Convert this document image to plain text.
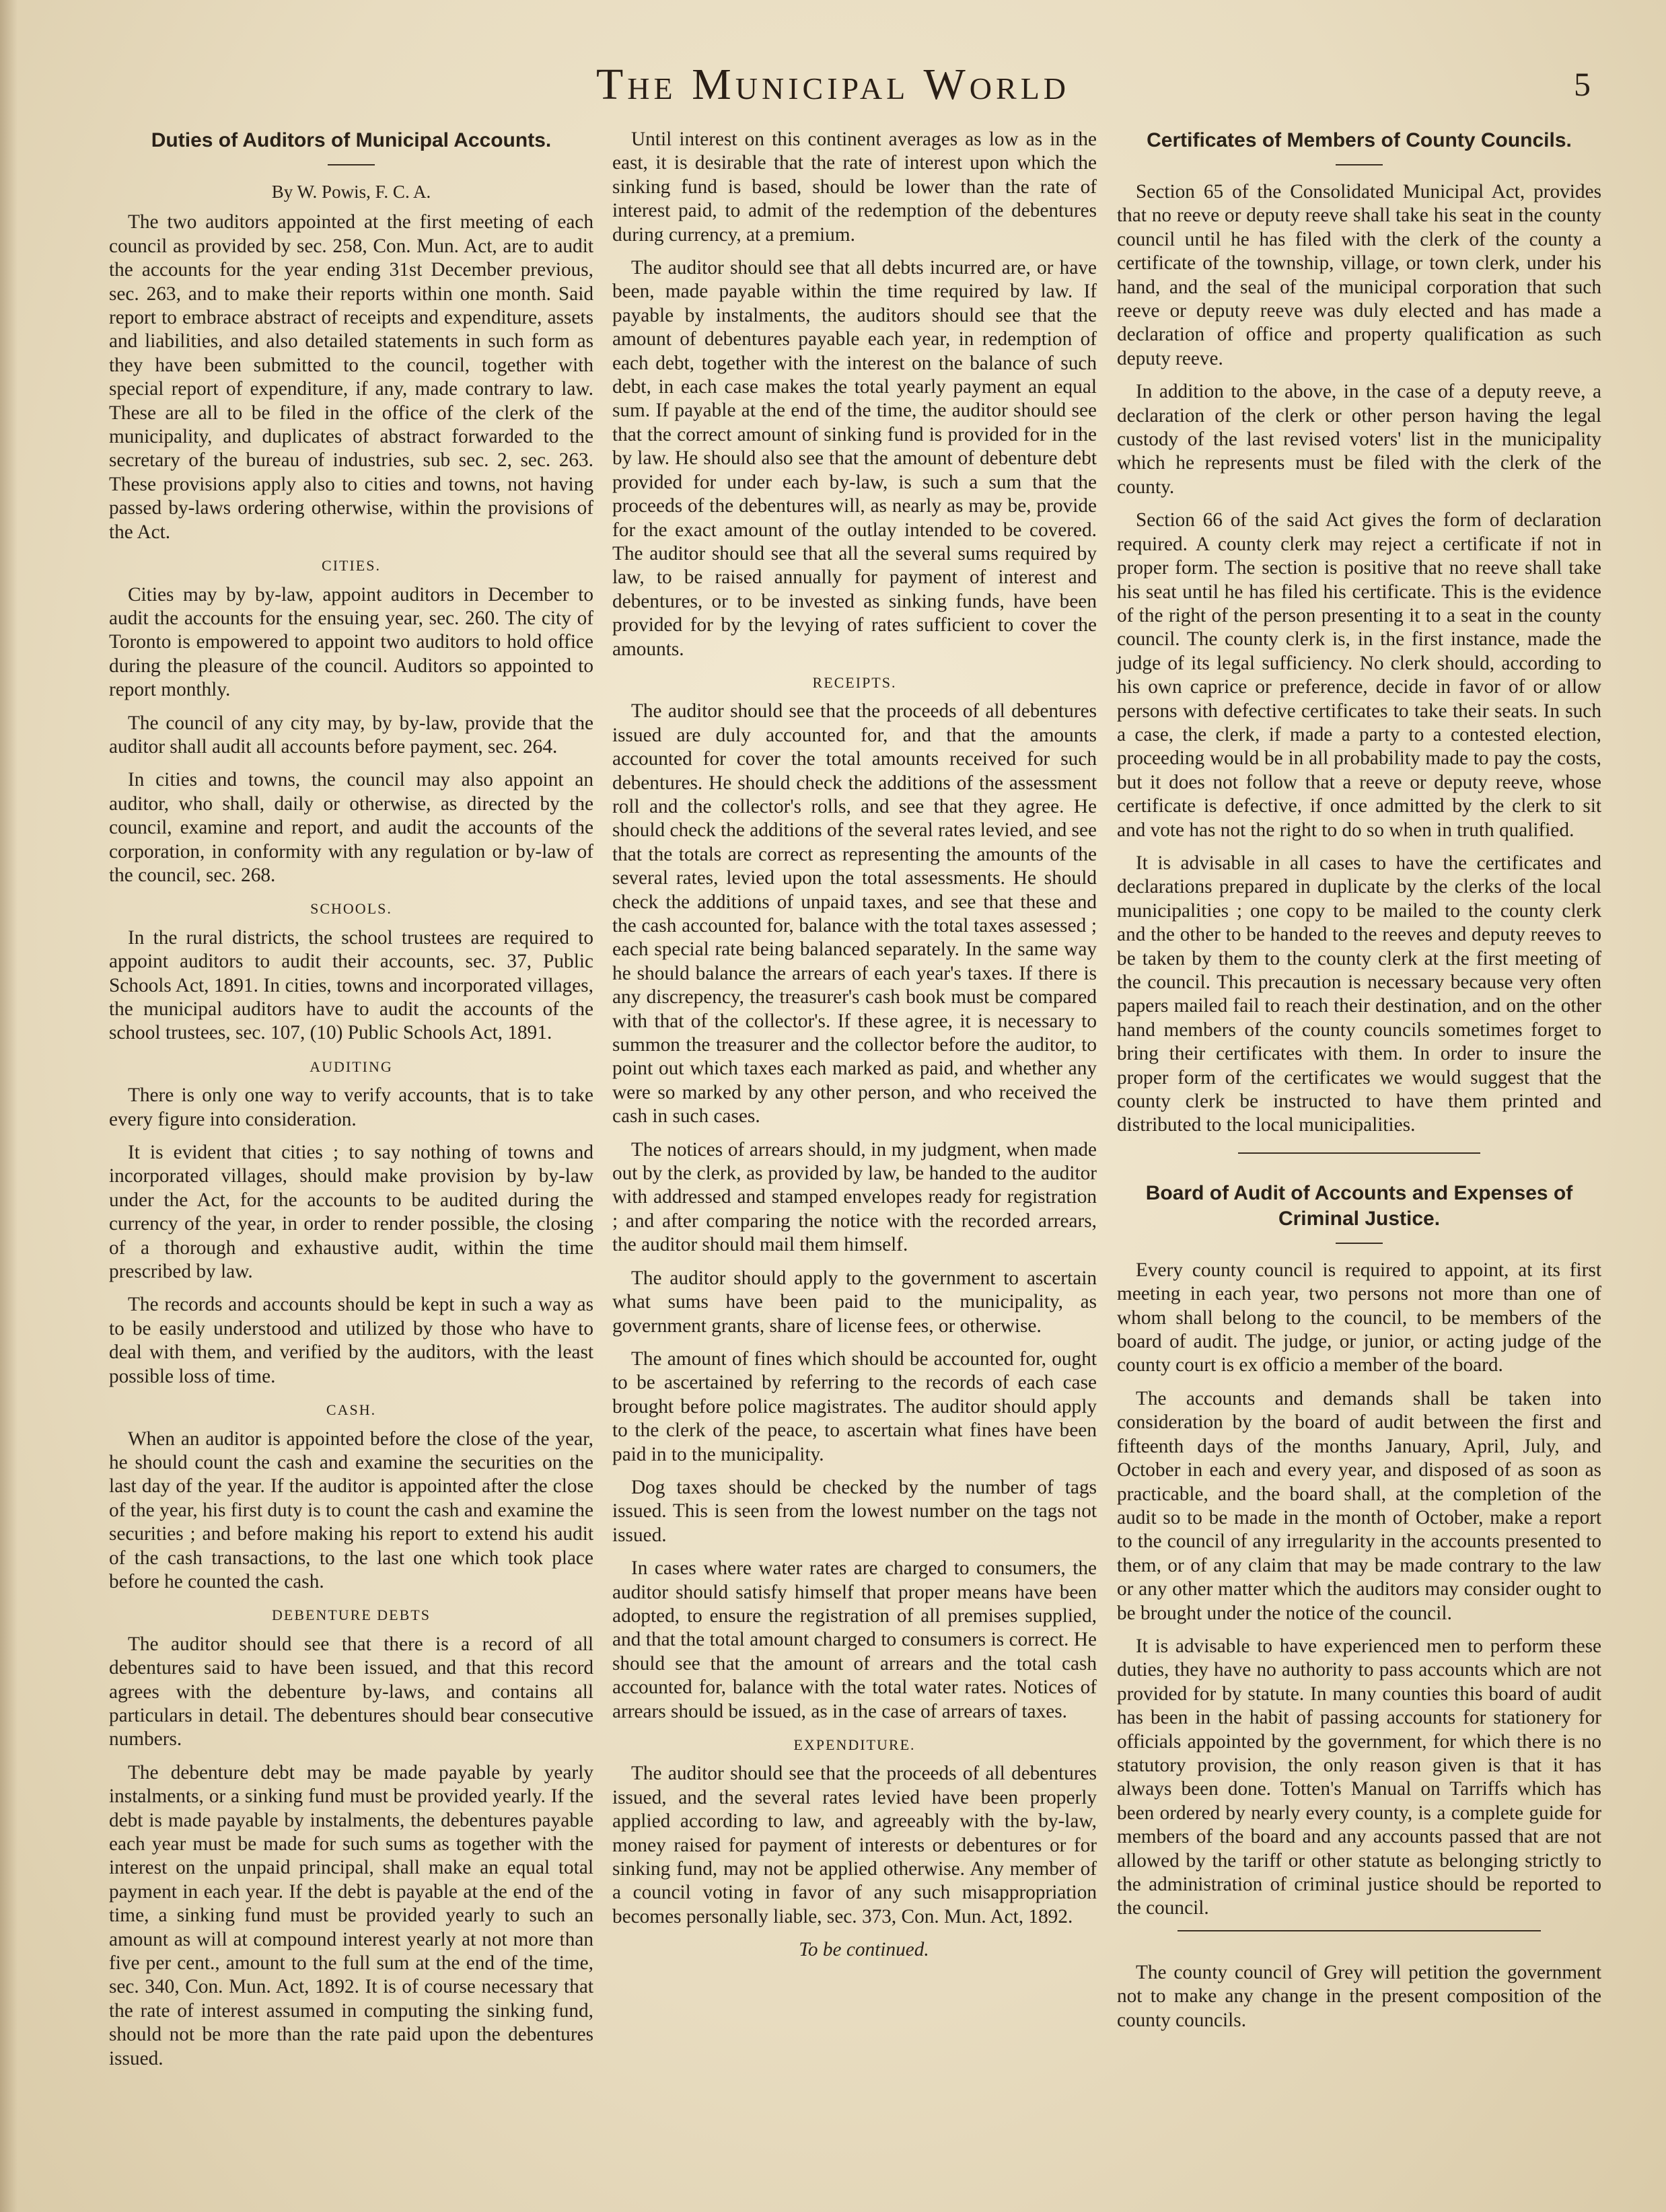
The Municipal World	5
Duties of Auditors of Municipal Accounts.
By W. Powis, F. C. A.

The two auditors appointed at the first meeting of each council as provided by sec. 258, Con. Mun. Act, are to audit the accounts for the year ending 31st December previous, sec. 263, and to make their reports within one month. Said report to embrace abstract of receipts and expenditure, assets and liabilities, and also detailed statements in such form as they have been submitted to the council, together with special report of expenditure, if any, made contrary to law. These are all to be filed in the office of the clerk of the municipality, and duplicates of abstract forwarded to the secretary of the bureau of industries, sub sec. 2, sec. 263. These provisions apply also to cities and towns, not having passed by-laws ordering otherwise, within the provisions of the Act.

CITIES.

Cities may by by-law, appoint auditors in December to audit the accounts for the ensuing year, sec. 260. The city of Toronto is empowered to appoint two auditors to hold office during the pleasure of the council. Auditors so appointed to report monthly.

The council of any city may, by by-law, provide that the auditor shall audit all accounts before payment, sec. 264.

In cities and towns, the council may also appoint an auditor, who shall, daily or otherwise, as directed by the council, examine and report, and audit the accounts of the corporation, in conformity with any regulation or by-law of the council, sec. 268.

SCHOOLS.

In the rural districts, the school trustees are required to appoint auditors to audit their accounts, sec. 37, Public Schools Act, 1891. In cities, towns and incorporated villages, the municipal auditors have to audit the accounts of the school trustees, sec. 107, (10) Public Schools Act, 1891.

AUDITING

There is only one way to verify accounts, that is to take every figure into consideration.

It is evident that cities ; to say nothing of towns and incorporated villages, should make provision by by-law under the Act, for the accounts to be audited during the currency of the year, in order to render possible, the closing of a thorough and exhaustive audit, within the time prescribed by law.

The records and accounts should be kept in such a way as to be easily understood and utilized by those who have to deal with them, and verified by the auditors, with the least possible loss of time.

CASH.

When an auditor is appointed before the close of the year, he should count the cash and examine the securities on the last day of the year. If the auditor is appointed after the close of the year, his first duty is to count the cash and examine the securities ; and before making his report to extend his audit of the cash transactions, to the last one which took place before he counted the cash.

DEBENTURE DEBTS

The auditor should see that there is a record of all debentures said to have been issued, and that this record agrees with the debenture by-laws, and contains all particulars in detail. The debentures should bear consecutive numbers.

The debenture debt may be made payable by yearly instalments, or a sinking fund must be provided yearly. If the debt is made payable by instalments, the debentures payable each year must be made for such sums as together with the interest on the unpaid principal, shall make an equal total payment in each year. If the debt is payable at the end of the time, a sinking fund must be provided yearly to such an amount as will at compound interest yearly at not more than five per cent., amount to the full sum at the end of the time, sec. 340, Con. Mun. Act, 1892. It is of course necessary that the rate of interest assumed in computing the sinking fund, should not be more than the rate paid upon the debentures issued.

Until interest on this continent averages as low as in the east, it is desirable that the rate of interest upon which the sinking fund is based, should be lower than the rate of interest paid, to admit of the redemption of the debentures during currency, at a premium.

The auditor should see that all debts incurred are, or have been, made payable within the time required by law. If payable by instalments, the auditors should see that the amount of debentures payable each year, in redemption of each debt, together with the interest on the balance of such debt, in each case makes the total yearly payment an equal sum. If payable at the end of the time, the auditor should see that the correct amount of sinking fund is provided for in the by law. He should also see that the amount of debenture debt provided for under each by-law, is such a sum that the proceeds of the debentures will, as nearly as may be, provide for the exact amount of the outlay intended to be covered. The auditor should see that all the several sums required by law, to be raised annually for payment of interest and debentures, or to be invested as sinking funds, have been provided for by the levying of rates sufficient to cover the amounts.

RECEIPTS.

The auditor should see that the proceeds of all debentures issued are duly accounted for, and that the amounts accounted for cover the total amounts received for such debentures. He should check the additions of the assessment roll and the collector's rolls, and see that they agree. He should check the additions of the several rates levied, and see that the totals are correct as representing the amounts of the several rates, levied upon the total assessments. He should check the additions of unpaid taxes, and see that these and the cash accounted for, balance with the total taxes assessed ; each special rate being balanced separately. In the same way he should balance the arrears of each year's taxes. If there is any discrepency, the treasurer's cash book must be compared with that of the collector's. If these agree, it is necessary to summon the treasurer and the collector before the auditor, to point out which taxes each marked as paid, and whether any were so marked by any other person, and who received the cash in such cases.

The notices of arrears should, in my judgment, when made out by the clerk, as provided by law, be handed to the auditor with addressed and stamped envelopes ready for registration ; and after comparing the notice with the recorded arrears, the auditor should mail them himself.

The auditor should apply to the government to ascertain what sums have been paid to the municipality, as government grants, share of license fees, or otherwise.

The amount of fines which should be accounted for, ought to be ascertained by referring to the records of each case brought before police magistrates. The auditor should apply to the clerk of the peace, to ascertain what fines have been paid in to the municipality.

Dog taxes should be checked by the number of tags issued. This is seen from the lowest number on the tags not issued.

In cases where water rates are charged to consumers, the auditor should satisfy himself that proper means have been adopted, to ensure the registration of all premises supplied, and that the total amount charged to consumers is correct. He should see that the amount of arrears and the total cash accounted for, balance with the total water rates. Notices of arrears should be issued, as in the case of arrears of taxes.

EXPENDITURE.

The auditor should see that the proceeds of all debentures issued, and the several rates levied have been properly applied according to law, and agreeably with the by-law, money raised for payment of interests or debentures or for sinking fund, may not be applied otherwise. Any member of a council voting in favor of any such misappropriation becomes personally liable, sec. 373, Con. Mun. Act, 1892.

To be continued.

Certificates of Members of County Councils.

Section 65 of the Consolidated Municipal Act, provides that no reeve or deputy reeve shall take his seat in the county council until he has filed with the clerk of the county a certificate of the township, village, or town clerk, under his hand, and the seal of the municipal corporation that such reeve or deputy reeve was duly elected and has made a declaration of office and property qualification as such deputy reeve.

In addition to the above, in the case of a deputy reeve, a declaration of the clerk or other person having the legal custody of the last revised voters' list in the municipality which he represents must be filed with the clerk of the county.

Section 66 of the said Act gives the form of declaration required. A county clerk may reject a certificate if not in proper form. The section is positive that no reeve shall take his seat until he has filed his certificate. This is the evidence of the right of the person presenting it to a seat in the county council. The county clerk is, in the first instance, made the judge of its legal sufficiency. No clerk should, according to his own caprice or preference, decide in favor of or allow persons with defective certificates to take their seats. In such a case, the clerk, if made a party to a contested election, proceeding would be in all probability made to pay the costs, but it does not follow that a reeve or deputy reeve, whose certificate is defective, if once admitted by the clerk to sit and vote has not the right to do so when in truth qualified.

It is advisable in all cases to have the certificates and declarations prepared in duplicate by the clerks of the local municipalities ; one copy to be mailed to the county clerk and the other to be handed to the reeves and deputy reeves to be taken by them to the county clerk at the first meeting of the council. This precaution is necessary because very often papers mailed fail to reach their destination, and on the other hand members of the county councils sometimes forget to bring their certificates with them. In order to insure the proper form of the certificates we would suggest that the county clerk be instructed to have them printed and distributed to the local municipalities.

Board of Audit of Accounts and Expenses of Criminal Justice.

Every county council is required to appoint, at its first meeting in each year, two persons not more than one of whom shall belong to the council, to be members of the board of audit. The judge, or junior, or acting judge of the county court is ex officio a member of the board.

The accounts and demands shall be taken into consideration by the board of audit between the first and fifteenth days of the months January, April, July, and October in each and every year, and disposed of as soon as practicable, and the board shall, at the completion of the audit so to be made in the month of October, make a report to the council of any irregularity in the accounts presented to them, or of any claim that may be made contrary to the law or any other matter which the auditors may consider ought to be brought under the notice of the council.

It is advisable to have experienced men to perform these duties, they have no authority to pass accounts which are not provided for by statute. In many counties this board of audit has been in the habit of passing accounts for stationery for officials appointed by the government, for which there is no statutory provision, the only reason given is that it has always been done. Totten's Manual on Tarriffs which has been ordered by nearly every county, is a complete guide for members of the board and any accounts passed that are not allowed by the tariff or other statute as belonging strictly to the administration of criminal justice should be reported to the council.

The county council of Grey will petition the government not to make any change in the present composition of the county councils.
